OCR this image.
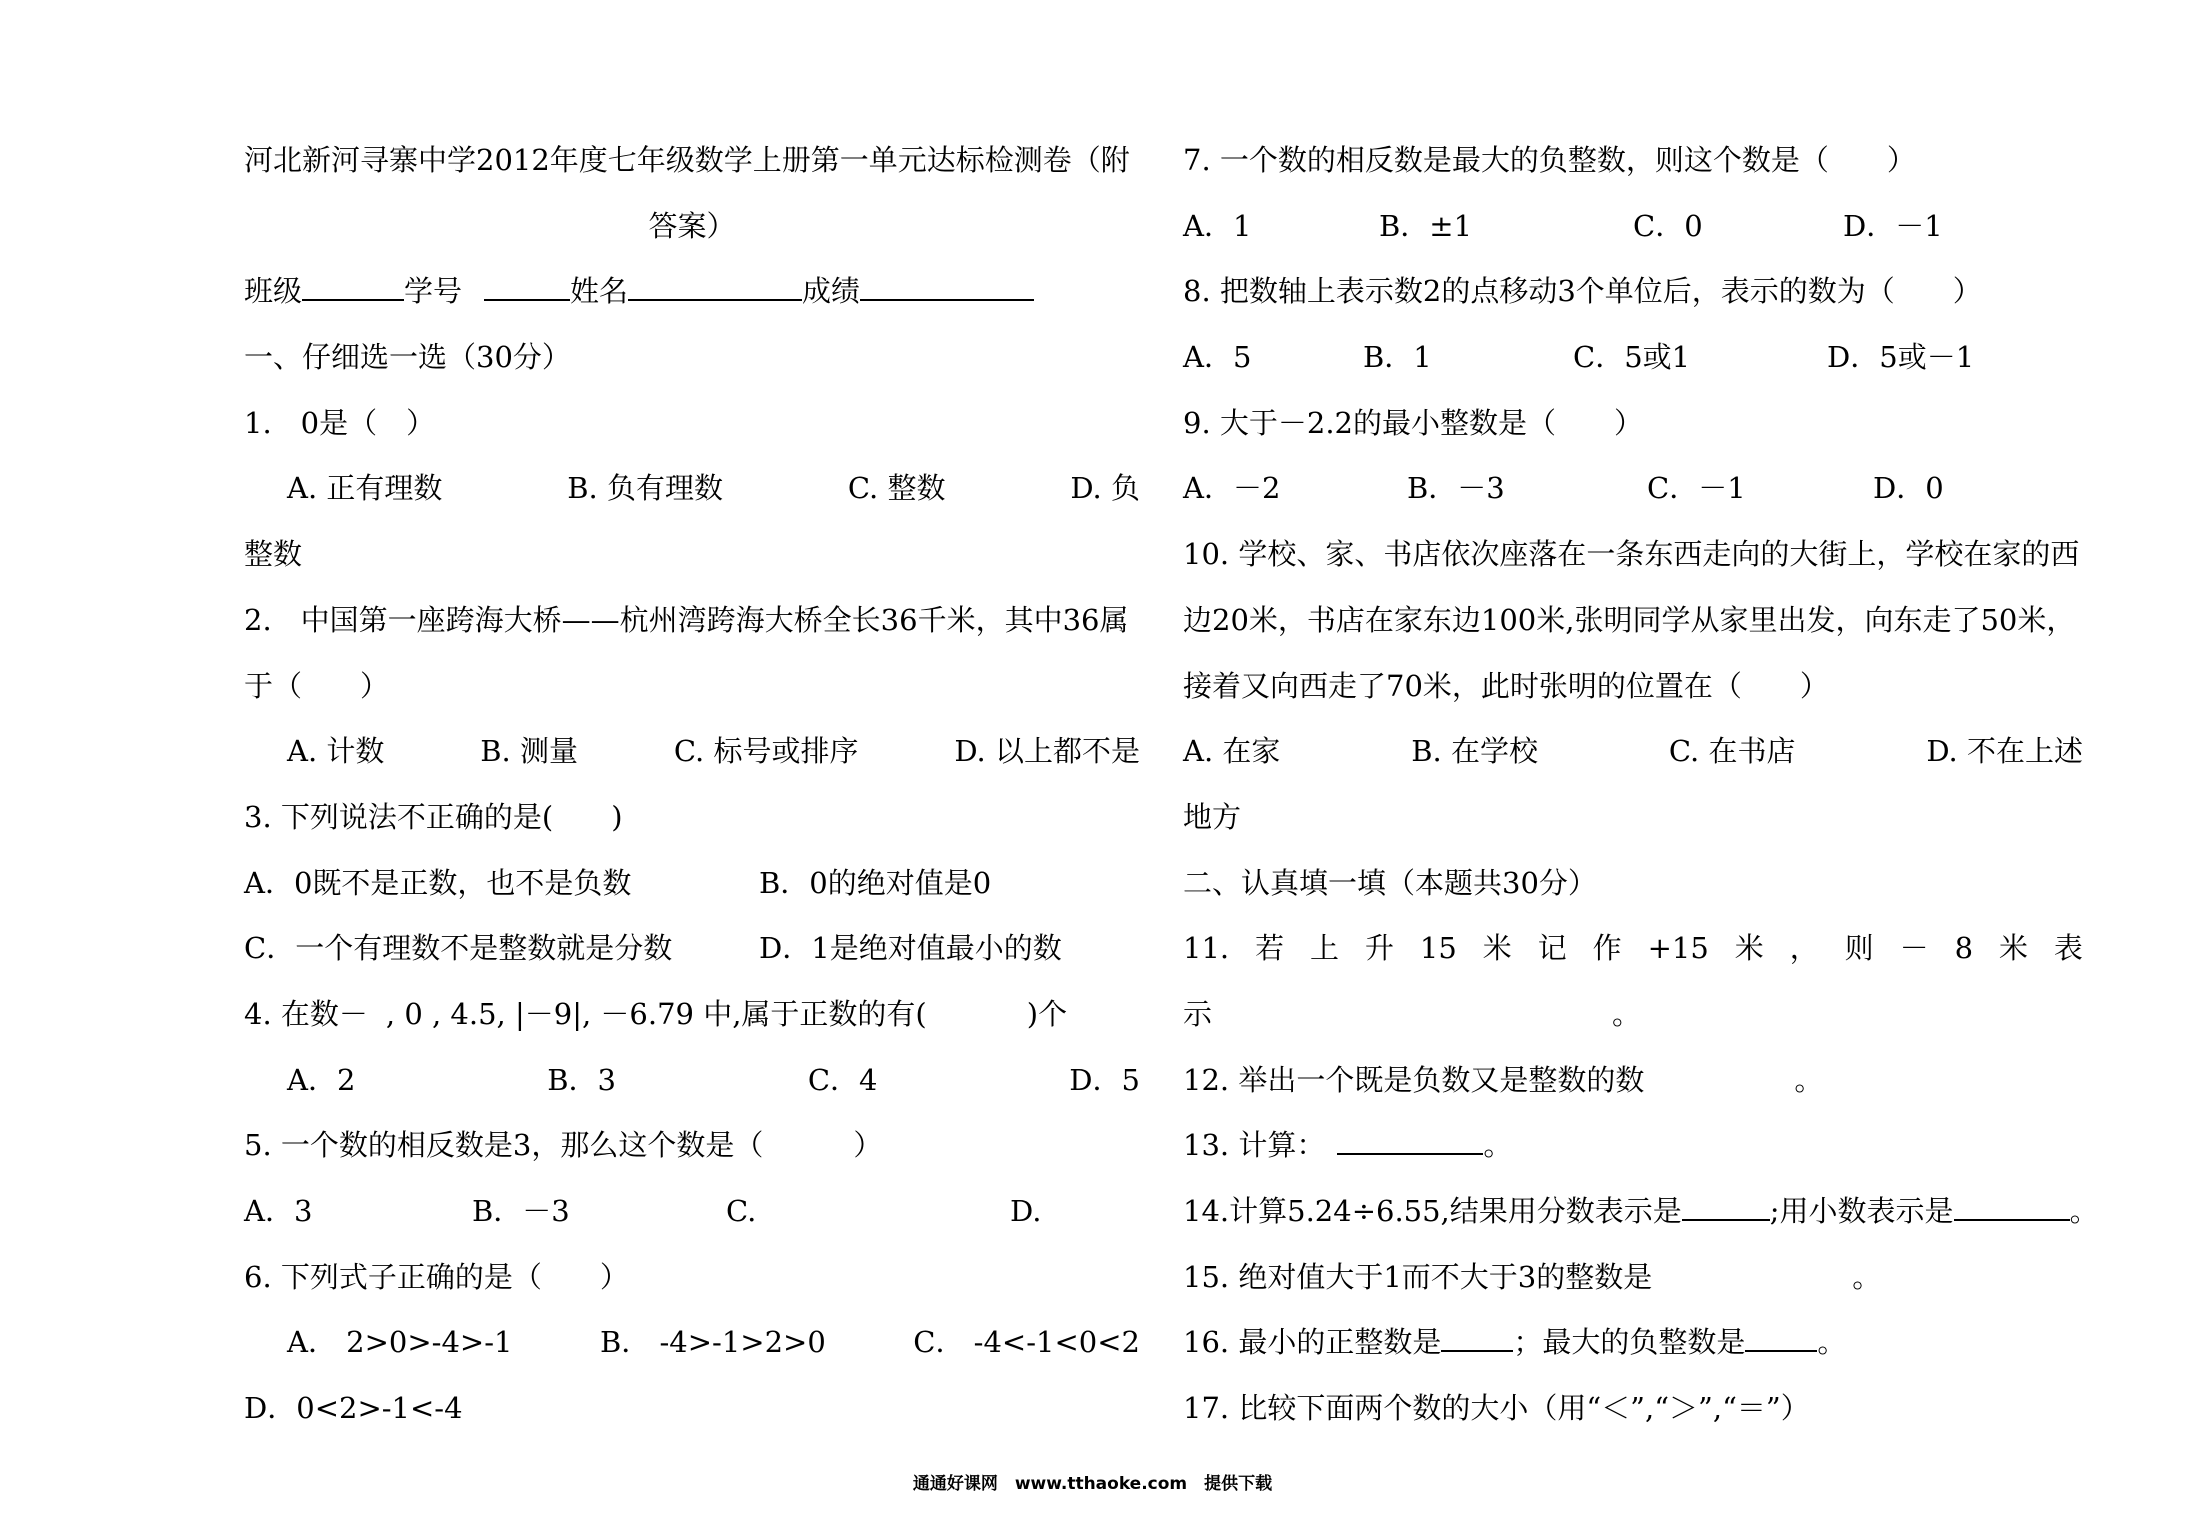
河北新河寻寨中学2012年度七年级数学上册第一单元达标检测卷（附
答案）
班级	学号	姓名	成绩
一、仔细选一选（30分）
1.　0是（　）
A. 正有理数	B. 负有理数	C. 整数	D. 负
整数
2.　中国第一座跨海大桥——杭州湾跨海大桥全长36千米，其中36属
于（　　）
A. 计数	B. 测量	C. 标号或排序	D. 以上都不是
3. 下列说法不正确的是(　　)
A．0既不是正数，也不是负数	B．0的绝对值是0
C．一个有理数不是整数就是分数	D．1是绝对值最小的数
4. 在数－ , 0 , 4.5, |－9|, －6.79 中,属于正数的有(	)个
A．2	B．3	C．4	D．5
5. 一个数的相反数是3，那么这个数是（	）
A．3	B．－3	C.	D.
6. 下列式子正确的是（　　）
A． 2>0>-4>-1	B． -4>-1>2>0	C． -4<-1<0<2
D．0<2>-1<-4
7. 一个数的相反数是最大的负整数，则这个数是（　　）
A．1	B．±1	C．0	D．－1
8. 把数轴上表示数2的点移动3个单位后，表示的数为（　　）
A．5	B．1	C．5或1	D．5或－1
9. 大于－2.2的最小整数是（　　）
A．－2	B．－3	C．－1	D．0
10. 学校、家、书店依次座落在一条东西走向的大街上，学校在家的西
边20米，书店在家东边100米,张明同学从家里出发，向东走了50米，
接着又向西走了70米，此时张明的位置在（　　）
A. 在家	B. 在学校	C. 在书店	D. 不在上述
地方
二、认真填一填（本题共30分）
11. 若 上 升 15 米 记 作 +15 米 ， 则 － 8 米 表
示	。
12. 举出一个既是负数又是整数的数	。
13. 计算：	。
14.计算5.24÷6.55,结果用分数表示是	;用小数表示是	。
15. 绝对值大于1而不大于3的整数是	。
16. 最小的正整数是 ；最大的负整数是 。
17. 比较下面两个数的大小（用“＜”,“＞”,“＝”）
通通好课网　www.tthaoke.com　提供下载
